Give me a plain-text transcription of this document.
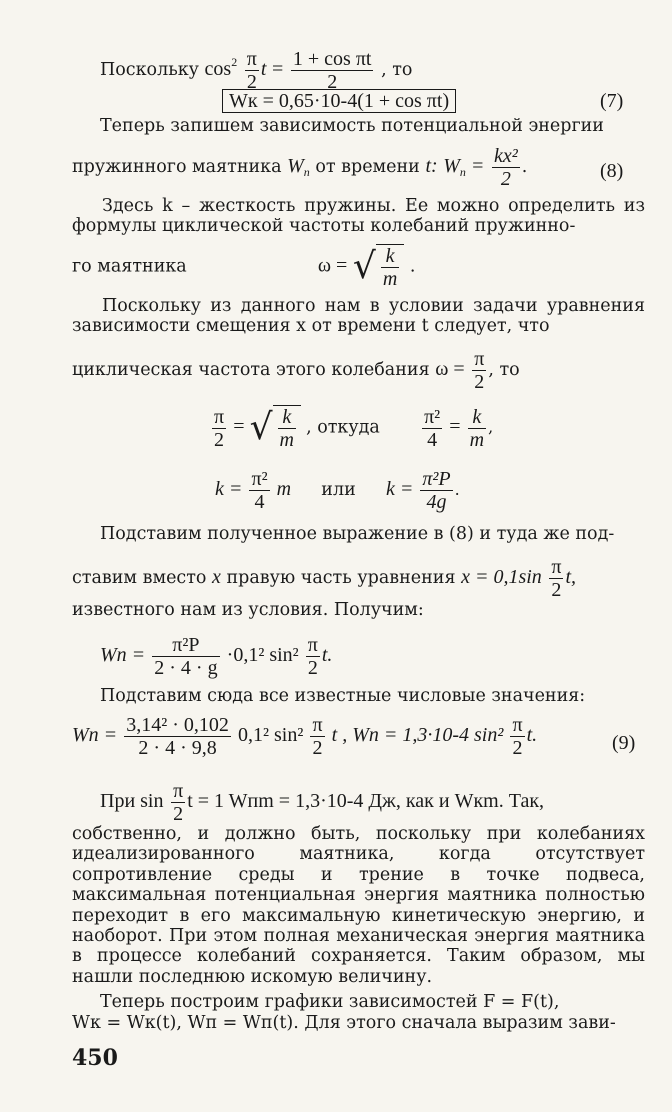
Поскольку $\cos^2 \frac{\pi}{2}$ $t = \frac{\text{1 + cos πt}}{2}$ , то
Wк = 0,65·10-4(1 + cos πt)	(7)
Теперь запишем зависимость потенциальной энергии
пружинного маятника $W_п$ от времени t: $W_п = \frac{\text{kx²}}{2}$ .	(8)
Здесь k – жесткость пружины. Ее можно определить из формулы циклической частоты колебаний пружинно-
го маятника	ω = √ $\frac{k}{m}$ .
Поскольку из данного нам в условии задачи уравнения зависимости смещения x от времени t следует, что
циклическая частота этого колебания $\omega = \frac{\pi}{2}$ , то
$\frac{\pi}{2}$ = √ $\frac{k}{m}$ , откуда $\frac{\text{π²}}{4} = \frac{k}{m}$ ,
$k = \frac{\text{π²}}{4}$ m или $k = \frac{\text{π²P}}{4g}$ .
Подставим полученное выражение в (8) и туда же под-
ставим вместо x правую часть уравнения $x = 0,1\sin \frac{\pi}{2} t$,
известного нам из условия. Получим:
Wп = $\frac{\text{π²P}}{2 \cdot 4 \cdot g} \cdot 0,1^2$ $\sin^2 \frac{\pi}{2} t$.
Подставим сюда все известные числовые значения:
Wп = $\frac{\text{3,14² · 0,102}}{2 \cdot 4 \cdot 9,8} 0,1^2$ $\sin^2 \frac{\pi}{2}$ t , Wп = 1,3·10-4 $\sin^2 \frac{\pi}{2} t$.	(9)
При $\sin \frac{\pi}{2}$ t = 1 Wпm = 1,3·10-4 Дж, как и Wкm. Так,
собственно, и должно быть, поскольку при колебаниях идеализированного маятника, когда отсутствует сопротивление среды и трение в точке подвеса, максимальная потенциальная энергия маятника полностью переходит в его максимальную кинетическую энергию, и наоборот. При этом полная механическая энергия маятника в процессе колебаний сохраняется. Таким образом, мы нашли последнюю искомую величину.
Теперь построим графики зависимостей F = F(t),
Wк = Wк(t), Wп = Wп(t). Для этого сначала выразим зави-
450
